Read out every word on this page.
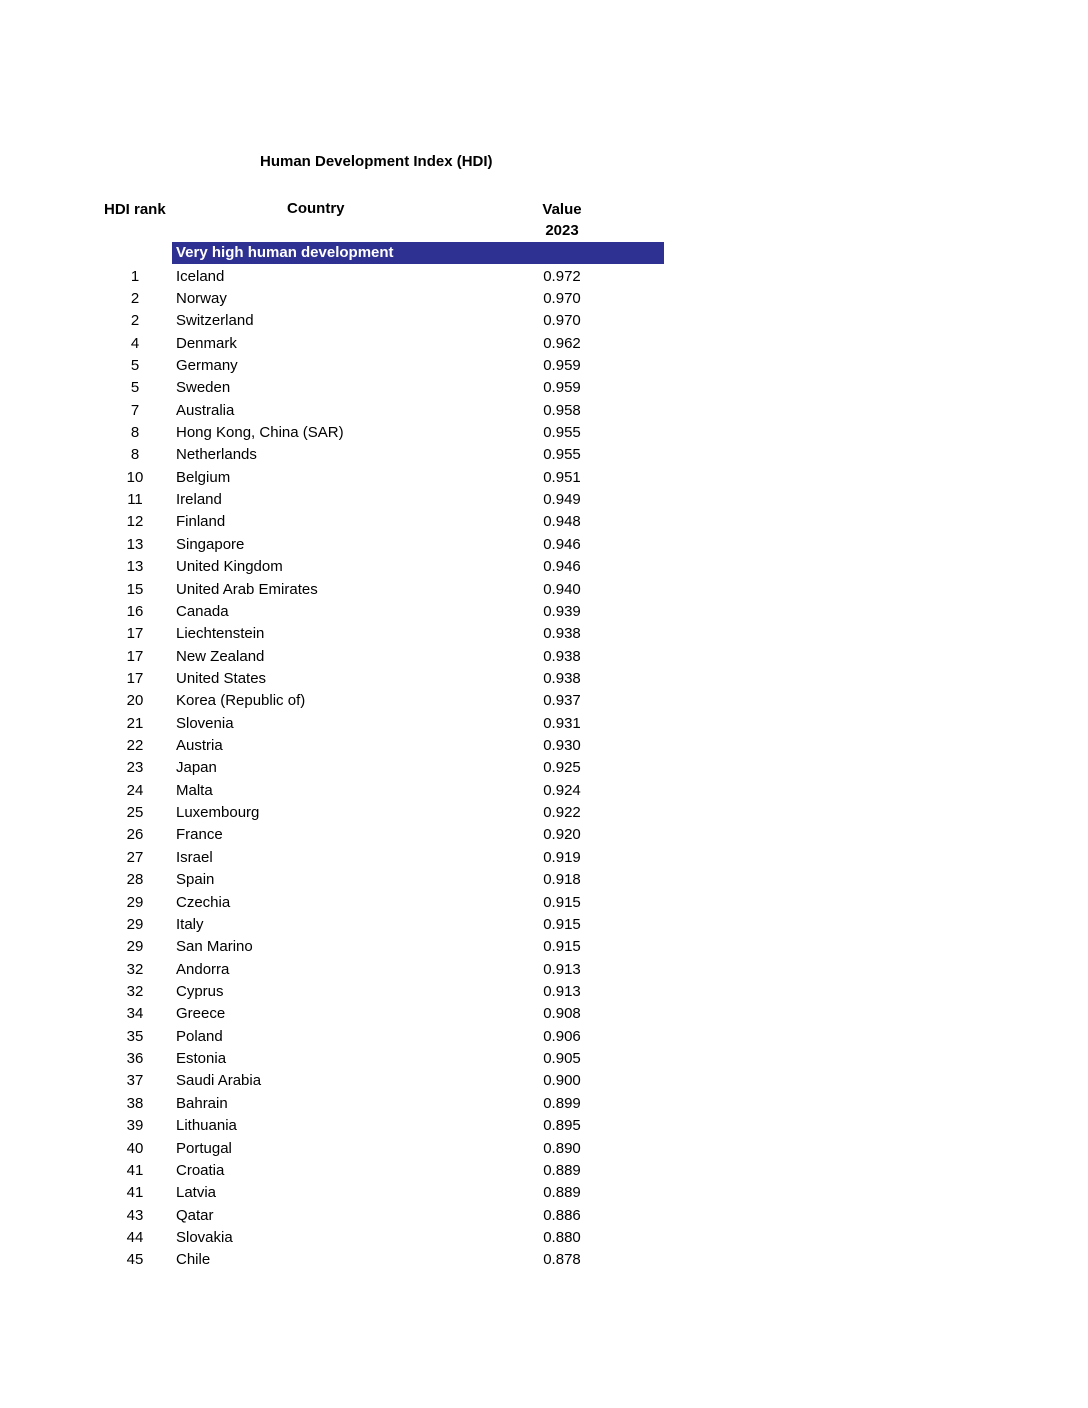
Human Development Index (HDI)
HDI rank	Country	Value
2023
Very high human development
1	Iceland	0.972
2	Norway	0.970
2	Switzerland	0.970
4	Denmark	0.962
5	Germany	0.959
5	Sweden	0.959
7	Australia	0.958
8	Hong Kong, China (SAR)	0.955
8	Netherlands	0.955
10	Belgium	0.951
11	Ireland	0.949
12	Finland	0.948
13	Singapore	0.946
13	United Kingdom	0.946
15	United Arab Emirates	0.940
16	Canada	0.939
17	Liechtenstein	0.938
17	New Zealand	0.938
17	United States	0.938
20	Korea (Republic of)	0.937
21	Slovenia	0.931
22	Austria	0.930
23	Japan	0.925
24	Malta	0.924
25	Luxembourg	0.922
26	France	0.920
27	Israel	0.919
28	Spain	0.918
29	Czechia	0.915
29	Italy	0.915
29	San Marino	0.915
32	Andorra	0.913
32	Cyprus	0.913
34	Greece	0.908
35	Poland	0.906
36	Estonia	0.905
37	Saudi Arabia	0.900
38	Bahrain	0.899
39	Lithuania	0.895
40	Portugal	0.890
41	Croatia	0.889
41	Latvia	0.889
43	Qatar	0.886
44	Slovakia	0.880
45	Chile	0.878
